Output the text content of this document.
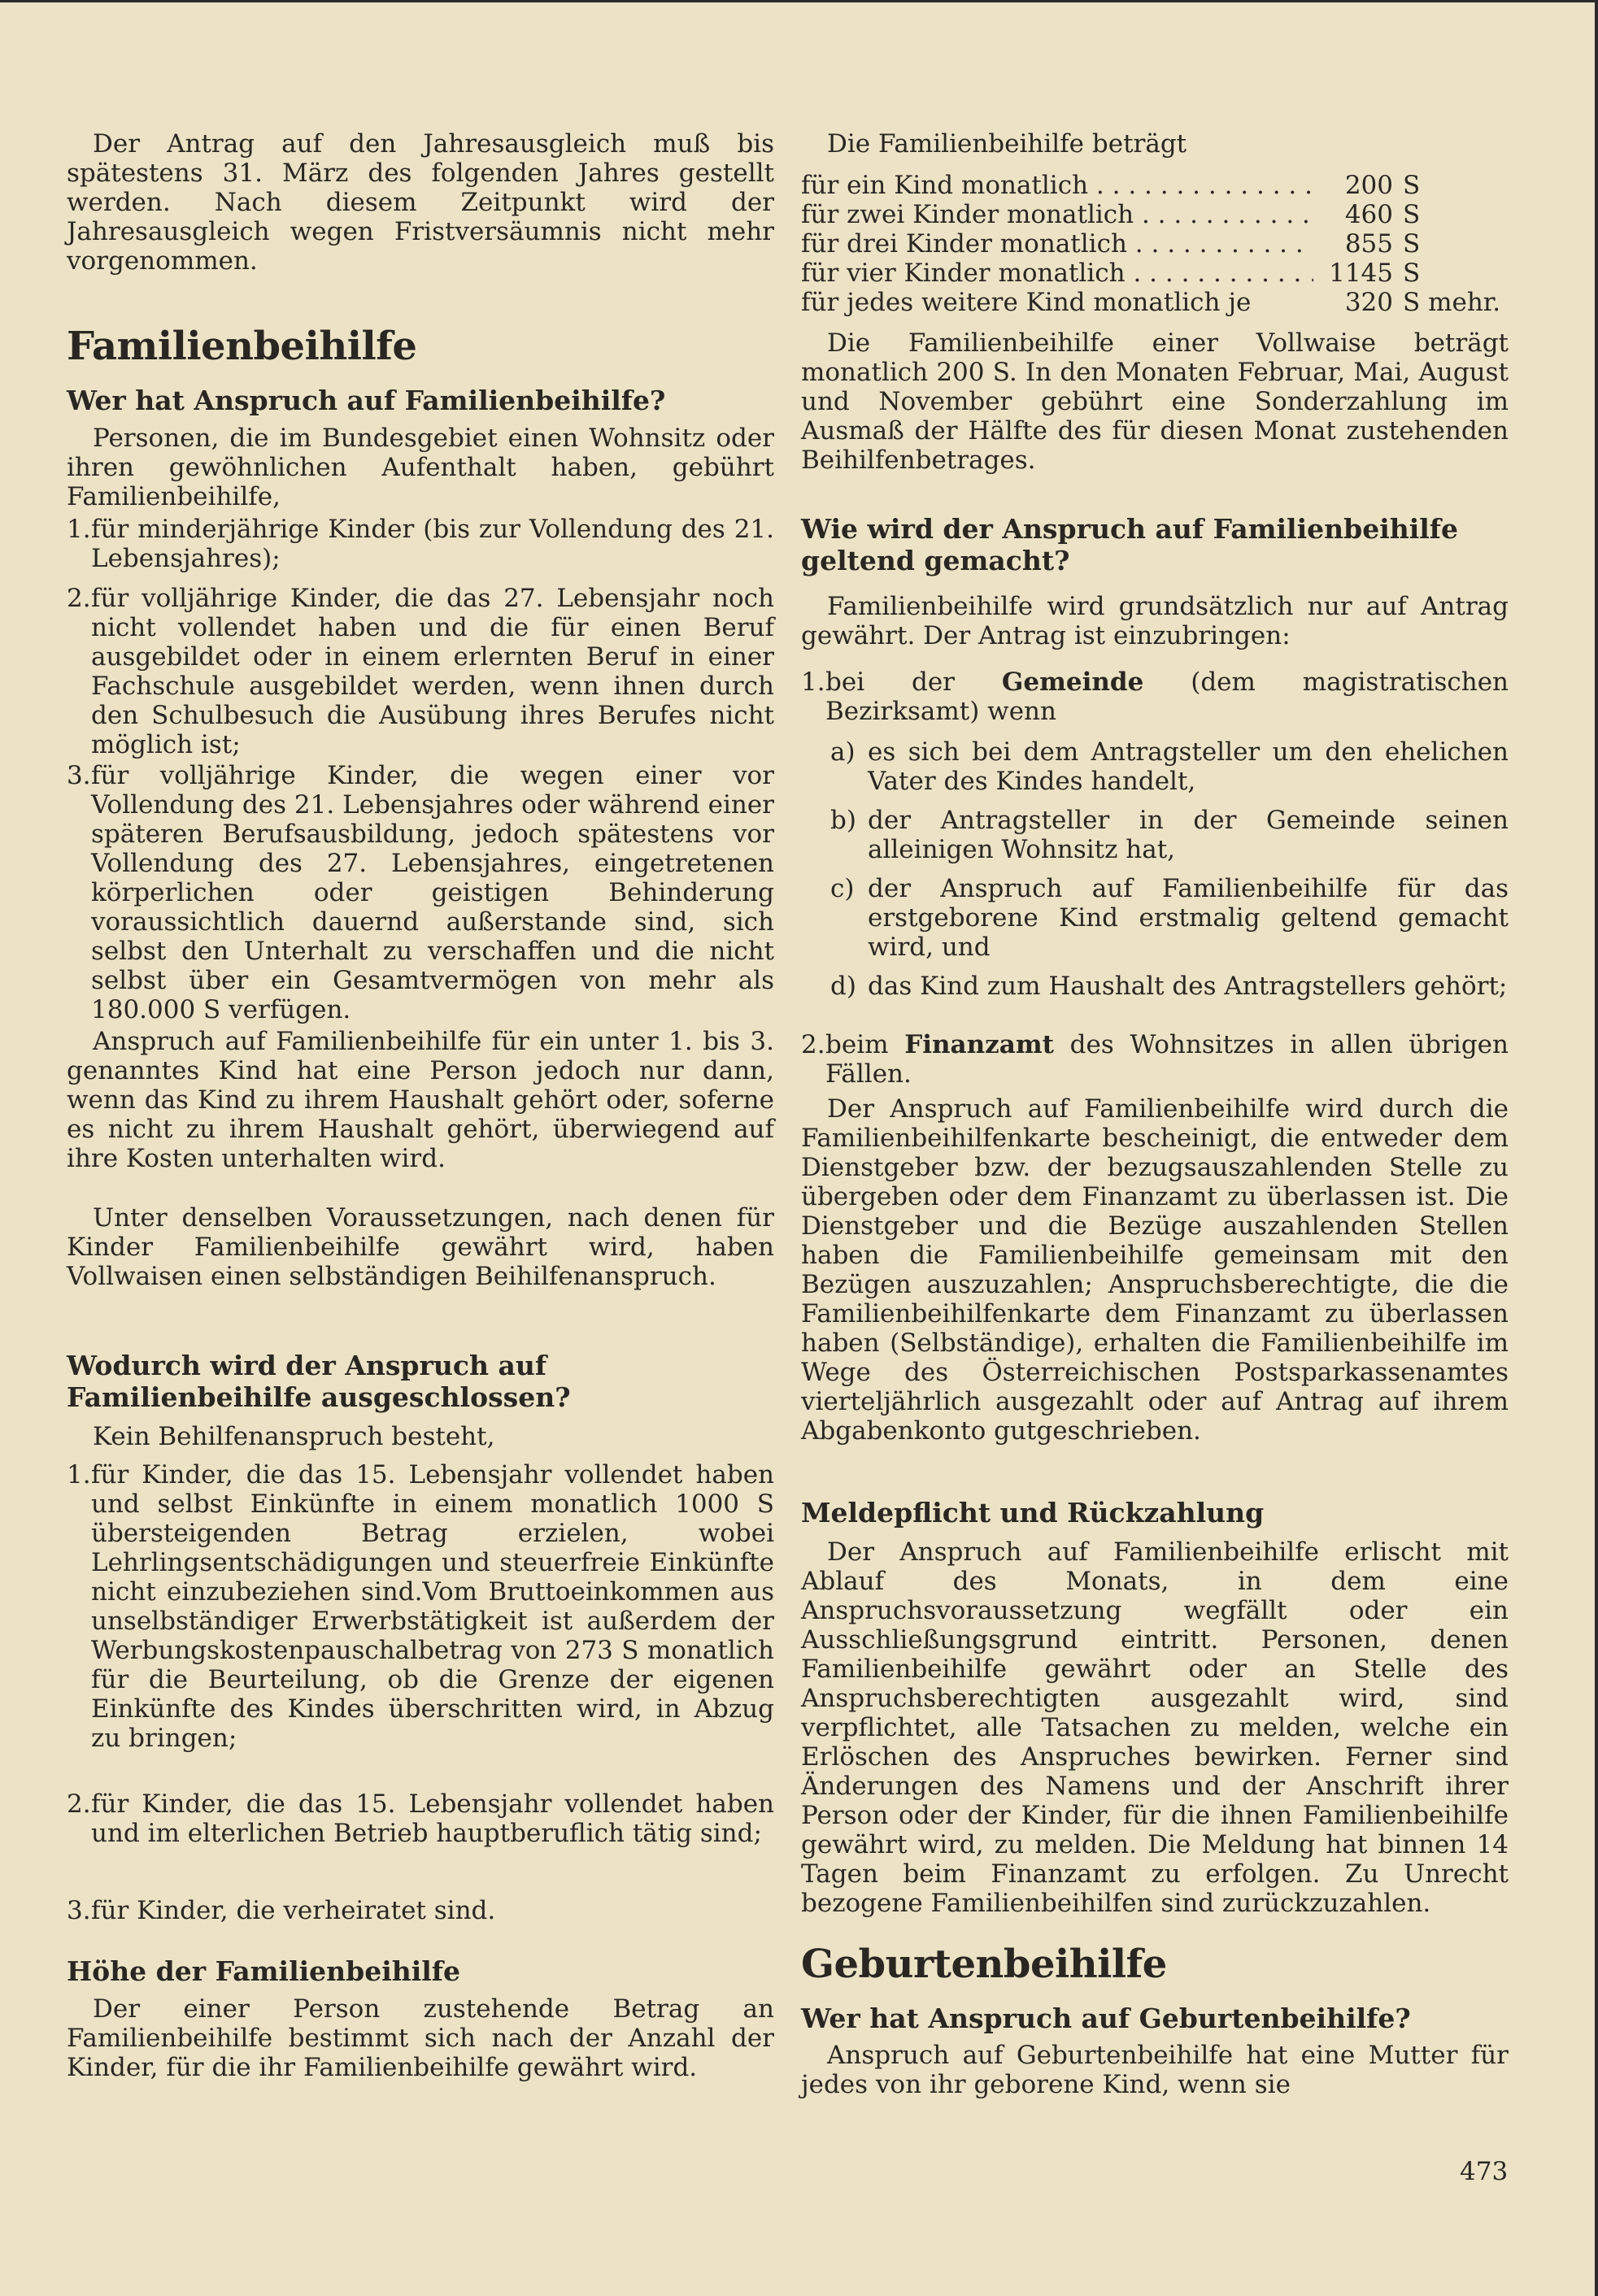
Der Antrag auf den Jahresausgleich muß bis spätestens 31. März des folgenden Jahres gestellt werden. Nach diesem Zeitpunkt wird der Jahresausgleich wegen Fristversäumnis nicht mehr vorgenommen.

Familienbeihilfe
Wer hat Anspruch auf Familienbeihilfe?

Personen, die im Bundesgebiet einen Wohnsitz oder ihren gewöhnlichen Aufenthalt haben, gebührt Familienbeihilfe,

1. für minderjährige Kinder (bis zur Vollendung des 21. Lebensjahres);
2. für volljährige Kinder, die das 27. Lebensjahr noch nicht vollendet haben und die für einen Beruf ausgebildet oder in einem erlernten Beruf in einer Fachschule ausgebildet werden, wenn ihnen durch den Schulbesuch die Ausübung ihres Berufes nicht möglich ist;
3. für volljährige Kinder, die wegen einer vor Vollendung des 21. Lebensjahres oder während einer späteren Berufsausbildung, jedoch spätestens vor Vollendung des 27. Lebensjahres, eingetretenen körperlichen oder geistigen Behinderung voraussichtlich dauernd außerstande sind, sich selbst den Unterhalt zu verschaffen und die nicht selbst über ein Gesamtvermögen von mehr als 180.000 S verfügen.

Anspruch auf Familienbeihilfe für ein unter 1. bis 3. genanntes Kind hat eine Person jedoch nur dann, wenn das Kind zu ihrem Haushalt gehört oder, soferne es nicht zu ihrem Haushalt gehört, überwiegend auf ihre Kosten unterhalten wird.

Unter denselben Voraussetzungen, nach denen für Kinder Familienbeihilfe gewährt wird, haben Vollwaisen einen selbständigen Beihilfenanspruch.

Wodurch wird der Anspruch auf Familienbeihilfe ausgeschlossen?

Kein Behilfenanspruch besteht,

1. für Kinder, die das 15. Lebensjahr vollendet haben und selbst Einkünfte in einem monatlich 1000 S übersteigenden Betrag erzielen, wobei Lehrlingsentschädigungen und steuerfreie Einkünfte nicht einzubeziehen sind.Vom Bruttoeinkommen aus unselbständiger Erwerbstätigkeit ist außerdem der Werbungskostenpauschalbetrag von 273 S monatlich für die Beurteilung, ob die Grenze der eigenen Einkünfte des Kindes überschritten wird, in Abzug zu bringen;
2. für Kinder, die das 15. Lebensjahr vollendet haben und im elterlichen Betrieb hauptberuflich tätig sind;
3. für Kinder, die verheiratet sind.
Höhe der Familienbeihilfe

Der einer Person zustehende Betrag an Familienbeihilfe bestimmt sich nach der Anzahl der Kinder, für die ihr Familienbeihilfe gewährt wird.

Die Familienbeihilfe beträgt

für ein Kind monatlich . . .	200 S
für zwei Kinder monatlich . . .	460 S
für drei Kinder monatlich . . .	855 S
für vier Kinder monatlich . . .	1145 S
für jedes weitere Kind monatlich je	320 S mehr.

Die Familienbeihilfe einer Vollwaise beträgt monatlich 200 S. In den Monaten Februar, Mai, August und November gebührt eine Sonderzahlung im Ausmaß der Hälfte des für diesen Monat zustehenden Beihilfenbetrages.

Wie wird der Anspruch auf Familienbeihilfe geltend gemacht?

Familienbeihilfe wird grundsätzlich nur auf Antrag gewährt. Der Antrag ist einzubringen:

1. bei der Gemeinde (dem magistratischen Bezirksamt) wenn
a) es sich bei dem Antragsteller um den ehelichen Vater des Kindes handelt,
b) der Antragsteller in der Gemeinde seinen alleinigen Wohnsitz hat,
c) der Anspruch auf Familienbeihilfe für das erstgeborene Kind erstmalig geltend gemacht wird, und
d) das Kind zum Haushalt des Antragstellers gehört;
2. beim Finanzamt des Wohnsitzes in allen übrigen Fällen.

Der Anspruch auf Familienbeihilfe wird durch die Familienbeihilfenkarte bescheinigt, die entweder dem Dienstgeber bzw. der bezugsauszahlenden Stelle zu übergeben oder dem Finanzamt zu überlassen ist. Die Dienstgeber und die Bezüge auszahlenden Stellen haben die Familienbeihilfe gemeinsam mit den Bezügen auszuzahlen; Anspruchsberechtigte, die die Familienbeihilfenkarte dem Finanzamt zu überlassen haben (Selbständige), erhalten die Familienbeihilfe im Wege des Österreichischen Postsparkassenamtes vierteljährlich ausgezahlt oder auf Antrag auf ihrem Abgabenkonto gutgeschrieben.

Meldepflicht und Rückzahlung

Der Anspruch auf Familienbeihilfe erlischt mit Ablauf des Monats, in dem eine Anspruchsvoraussetzung wegfällt oder ein Ausschließungsgrund eintritt. Personen, denen Familienbeihilfe gewährt oder an Stelle des Anspruchsberechtigten ausgezahlt wird, sind verpflichtet, alle Tatsachen zu melden, welche ein Erlöschen des Anspruches bewirken. Ferner sind Änderungen des Namens und der Anschrift ihrer Person oder der Kinder, für die ihnen Familienbeihilfe gewährt wird, zu melden. Die Meldung hat binnen 14 Tagen beim Finanzamt zu erfolgen. Zu Unrecht bezogene Familienbeihilfen sind zurückzuzahlen.

Geburtenbeihilfe
Wer hat Anspruch auf Geburtenbeihilfe?

Anspruch auf Geburtenbeihilfe hat eine Mutter für jedes von ihr geborene Kind, wenn sie

473
